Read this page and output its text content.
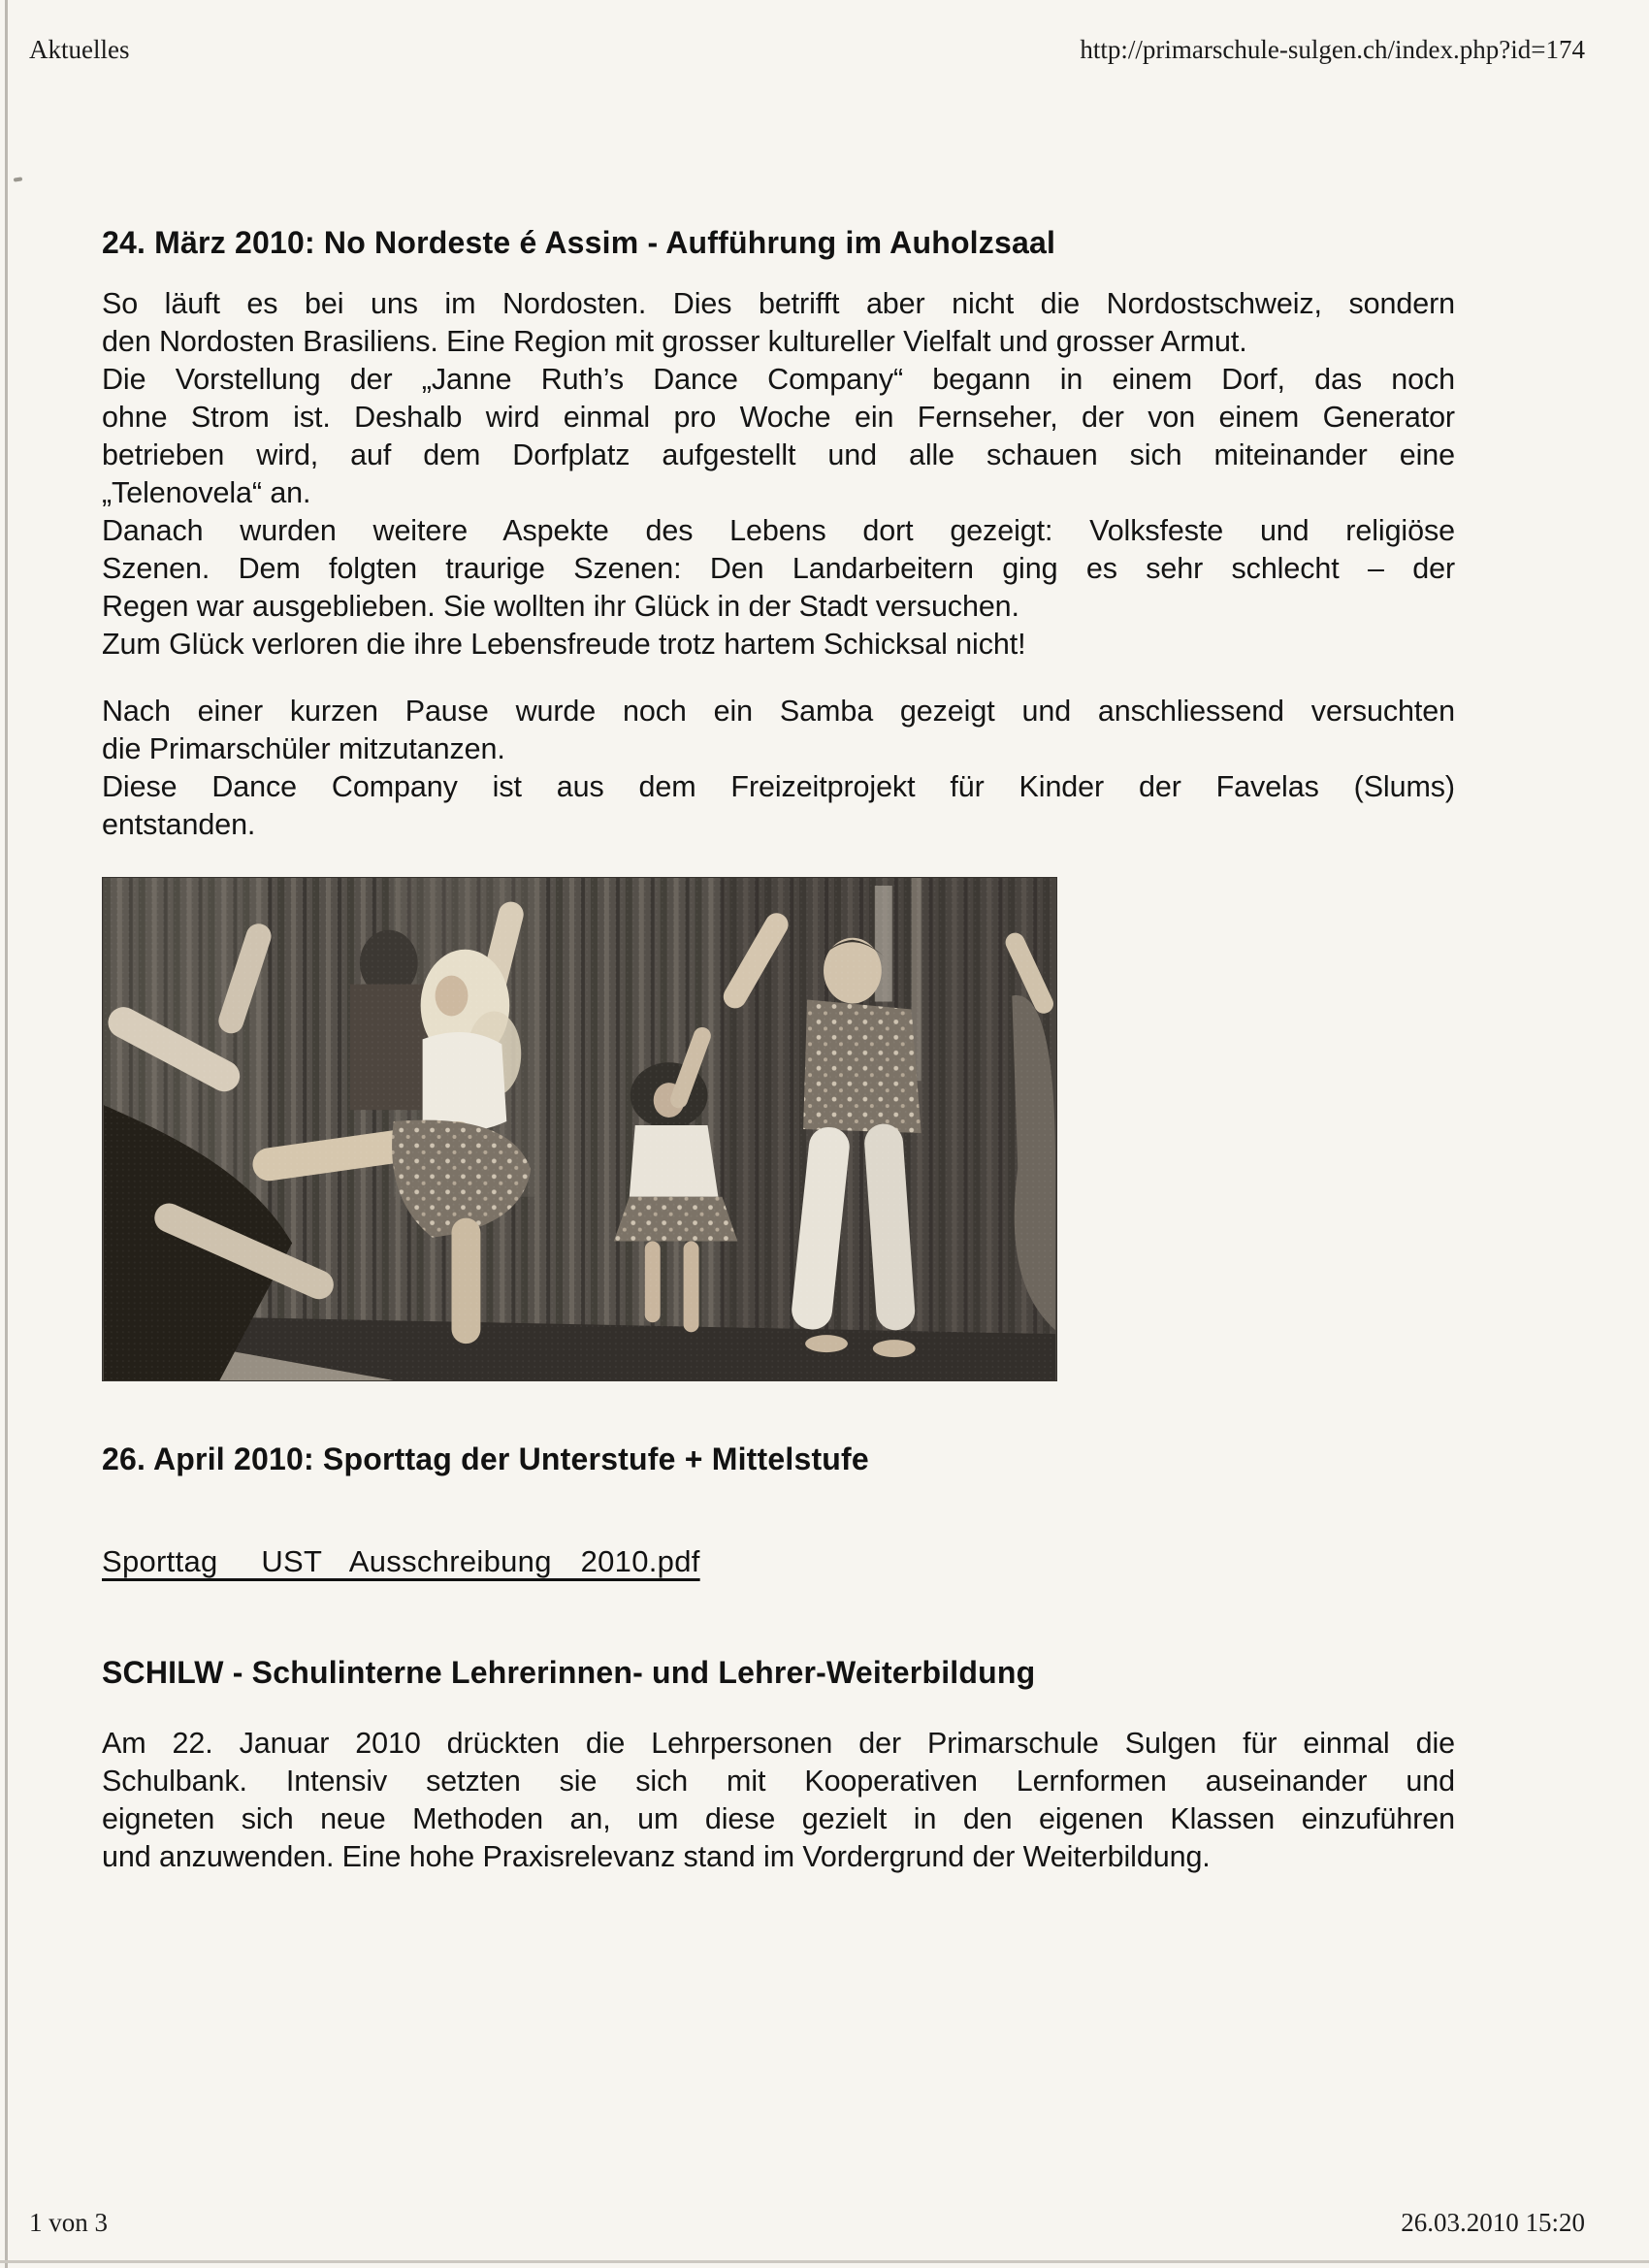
Aktuelles	http://primarschule-sulgen.ch/index.php?id=174
24. März 2010: No Nordeste é Assim - Aufführung im Auholzsaal
So läuft es bei uns im Nordosten. Dies betrifft aber nicht die Nordostschweiz, sondern
den Nordosten Brasiliens. Eine Region mit grosser kultureller Vielfalt und grosser Armut.
Die Vorstellung der „Janne Ruth’s Dance Company“ begann in einem Dorf, das noch
ohne Strom ist. Deshalb wird einmal pro Woche ein Fernseher, der von einem Generator
betrieben wird, auf dem Dorfplatz aufgestellt und alle schauen sich miteinander eine
„Telenovela“ an.
Danach wurden weitere Aspekte des Lebens dort gezeigt: Volksfeste und religiöse
Szenen. Dem folgten traurige Szenen: Den Landarbeitern ging es sehr schlecht – der
Regen war ausgeblieben. Sie wollten ihr Glück in der Stadt versuchen.
Zum Glück verloren die ihre Lebensfreude trotz hartem Schicksal nicht!
Nach einer kurzen Pause wurde noch ein Samba gezeigt und anschliessend versuchten
die Primarschüler mitzutanzen.
Diese Dance Company ist aus dem Freizeitprojekt für Kinder der Favelas (Slums)
entstanden.
26. April 2010: Sporttag der Unterstufe + Mittelstufe
Sporttag   UST  Ausschreibung  2010.pdf
SCHILW - Schulinterne Lehrerinnen- und Lehrer-Weiterbildung
Am 22. Januar 2010 drückten die Lehrpersonen der Primarschule Sulgen für einmal die
Schulbank. Intensiv setzten sie sich mit Kooperativen Lernformen auseinander und
eigneten sich neue Methoden an, um diese gezielt in den eigenen Klassen einzuführen
und anzuwenden. Eine hohe Praxisrelevanz stand im Vordergrund der Weiterbildung.
1 von 3	26.03.2010 15:20
